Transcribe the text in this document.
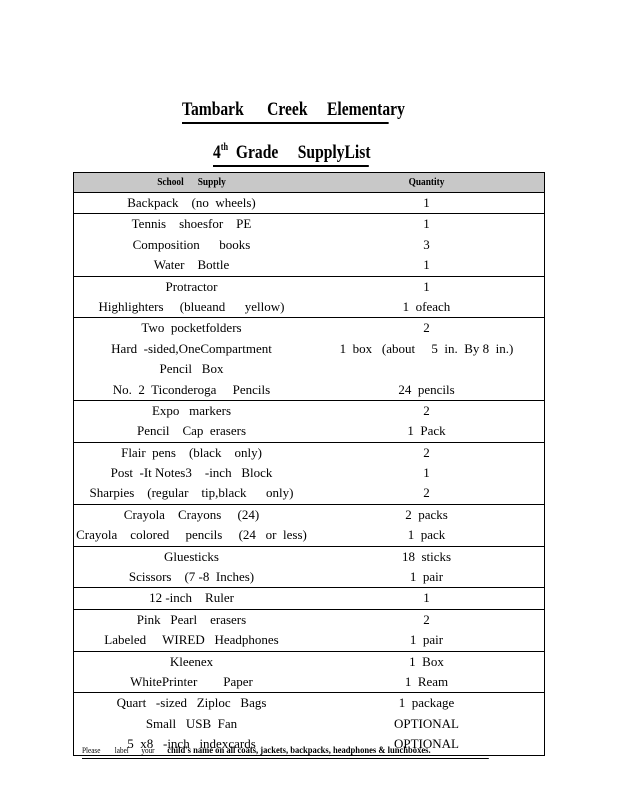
Tambark      Creek     Elementary
4th  Grade     SupplyList
School      Supply	Quantity
Backpack    (no  wheels)	1
Tennis    shoesfor    PE	1
Composition      books	3
Water    Bottle	1
Protractor	1
Highlighters     (blueand      yellow)	1  ofeach
Two  pocketfolders	2
Hard  -sided,OneCompartment	1  box   (about     5  in.  By 8  in.)
Pencil   Box
No.  2  Ticonderoga     Pencils	24  pencils
Expo   markers	2
Pencil    Cap  erasers	1  Pack
Flair  pens    (black    only)	2
Post  -It Notes3    -inch   Block	1
Sharpies    (regular    tip,black      only)	2
Crayola    Crayons     (24)	2  packs
Crayola    colored     pencils     (24   or  less)	1  pack
Gluesticks	18  sticks
Scissors    (7 -8  Inches)	1  pair
12 -inch    Ruler	1
Pink   Pearl    erasers	2
Labeled     WIRED   Headphones	1  pair
Kleenex	1  Box
WhitePrinter        Paper	1  Ream
Quart   -sized   Ziploc   Bags	1  package
Small   USB  Fan	OPTIONAL
5  x8   -inch   indexcards	OPTIONAL
Please        label       your       child's name on all coats, jackets, backpacks, headphones & lunchboxes.
